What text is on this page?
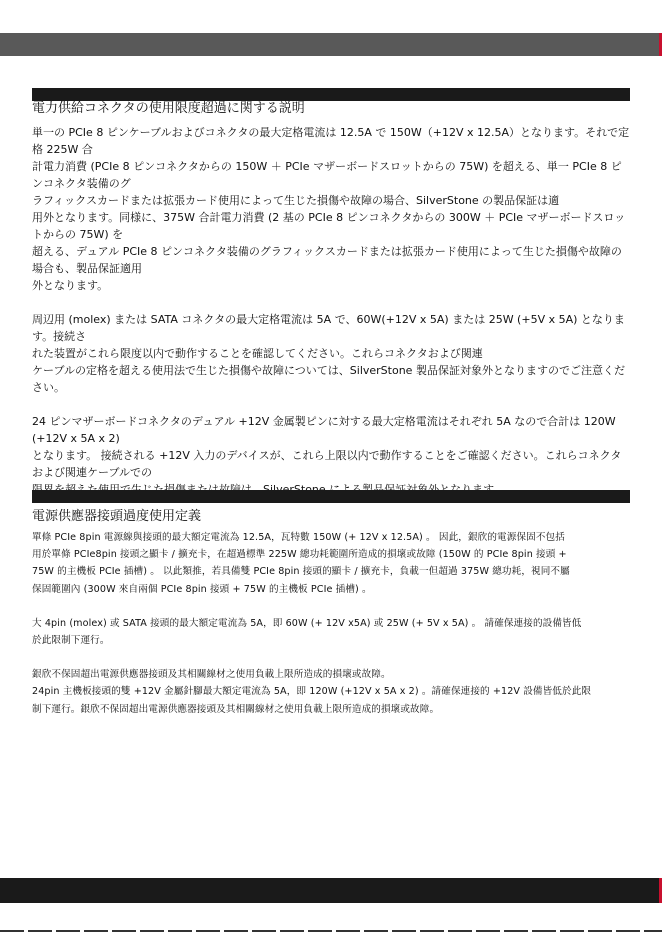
電力供給コネクタの使用限度超過に関する説明

単一の PCIe 8 ピンケーブルおよびコネクタの最大定格電流は 12.5A で 150W（+12V x 12.5A）となります。それで定格 225W 合

計電力消費 (PCIe 8 ピンコネクタからの 150W ＋ PCIe マザーボードスロットからの 75W) を超える、単一 PCIe 8 ピンコネクタ装備のグ

ラフィックスカードまたは拡張カード使用によって生じた損傷や故障の場合、SilverStone の製品保証は適

用外となります。同様に、375W 合計電力消費 (2 基の PCIe 8 ピンコネクタからの 300W ＋ PCIe マザーボードスロットからの 75W) を

超える、デュアル PCIe 8 ピンコネクタ装備のグラフィックスカードまたは拡張カード使用によって生じた損傷や故障の場合も、製品保証適用

外となります。

周辺用 (molex) または SATA コネクタの最大定格電流は 5A で、60W(+12V x 5A) または 25W (+5V x 5A) となります。接続さ

れた装置がこれら限度以内で動作することを確認してください。これらコネクタおよび関連

ケーブルの定格を超える使用法で生じた損傷や故障については、SilverStone 製品保証対象外となりますのでご注意ください。

24 ピンマザーボードコネクタのデュアル +12V 金属製ピンに対する最大定格電流はそれぞれ 5A なので合計は 120W (+12V x 5A x 2)

となります。 接続される +12V 入力のデバイスが、これら上限以内で動作することをご確認ください。これらコネクタおよび関連ケーブルでの

電源供應器接頭過度使用定義

單條 PCIe 8pin 電源線與接頭的最大額定電流為 12.5A，瓦特數 150W (+ 12V x 12.5A) 。 因此，銀欣的電源保固不包括

用於單條 PCIe8pin 接頭之顯卡 / 擴充卡，在超過標準 225W 總功耗範圍所造成的損壞或故障 (150W 的 PCIe 8pin 接頭 +

75W 的主機板 PCIe 插槽) 。 以此類推，若具備雙 PCIe 8pin 接頭的顯卡 / 擴充卡，負載一但超過 375W 總功耗，視同不屬

保固範圍內 (300W 來自兩個 PCIe 8pin 接頭 + 75W 的主機板 PCIe 插槽) 。

大 4pin (molex) 或 SATA 接頭的最大額定電流為 5A，即 60W (+ 12V x5A) 或 25W (+ 5V x 5A) 。 請確保連接的設備皆低

於此限制下運行。

銀欣不保固超出電源供應器接頭及其相關線材之使用負載上限所造成的損壞或故障。

24pin 主機板接頭的雙 +12V 金屬針腳最大額定電流為 5A，即 120W (+12V x 5A x 2) 。請確保連接的 +12V 設備皆低於此限

制下運行。銀欣不保固超出電源供應器接頭及其相關線材之使用負載上限所造成的損壞或故障。
